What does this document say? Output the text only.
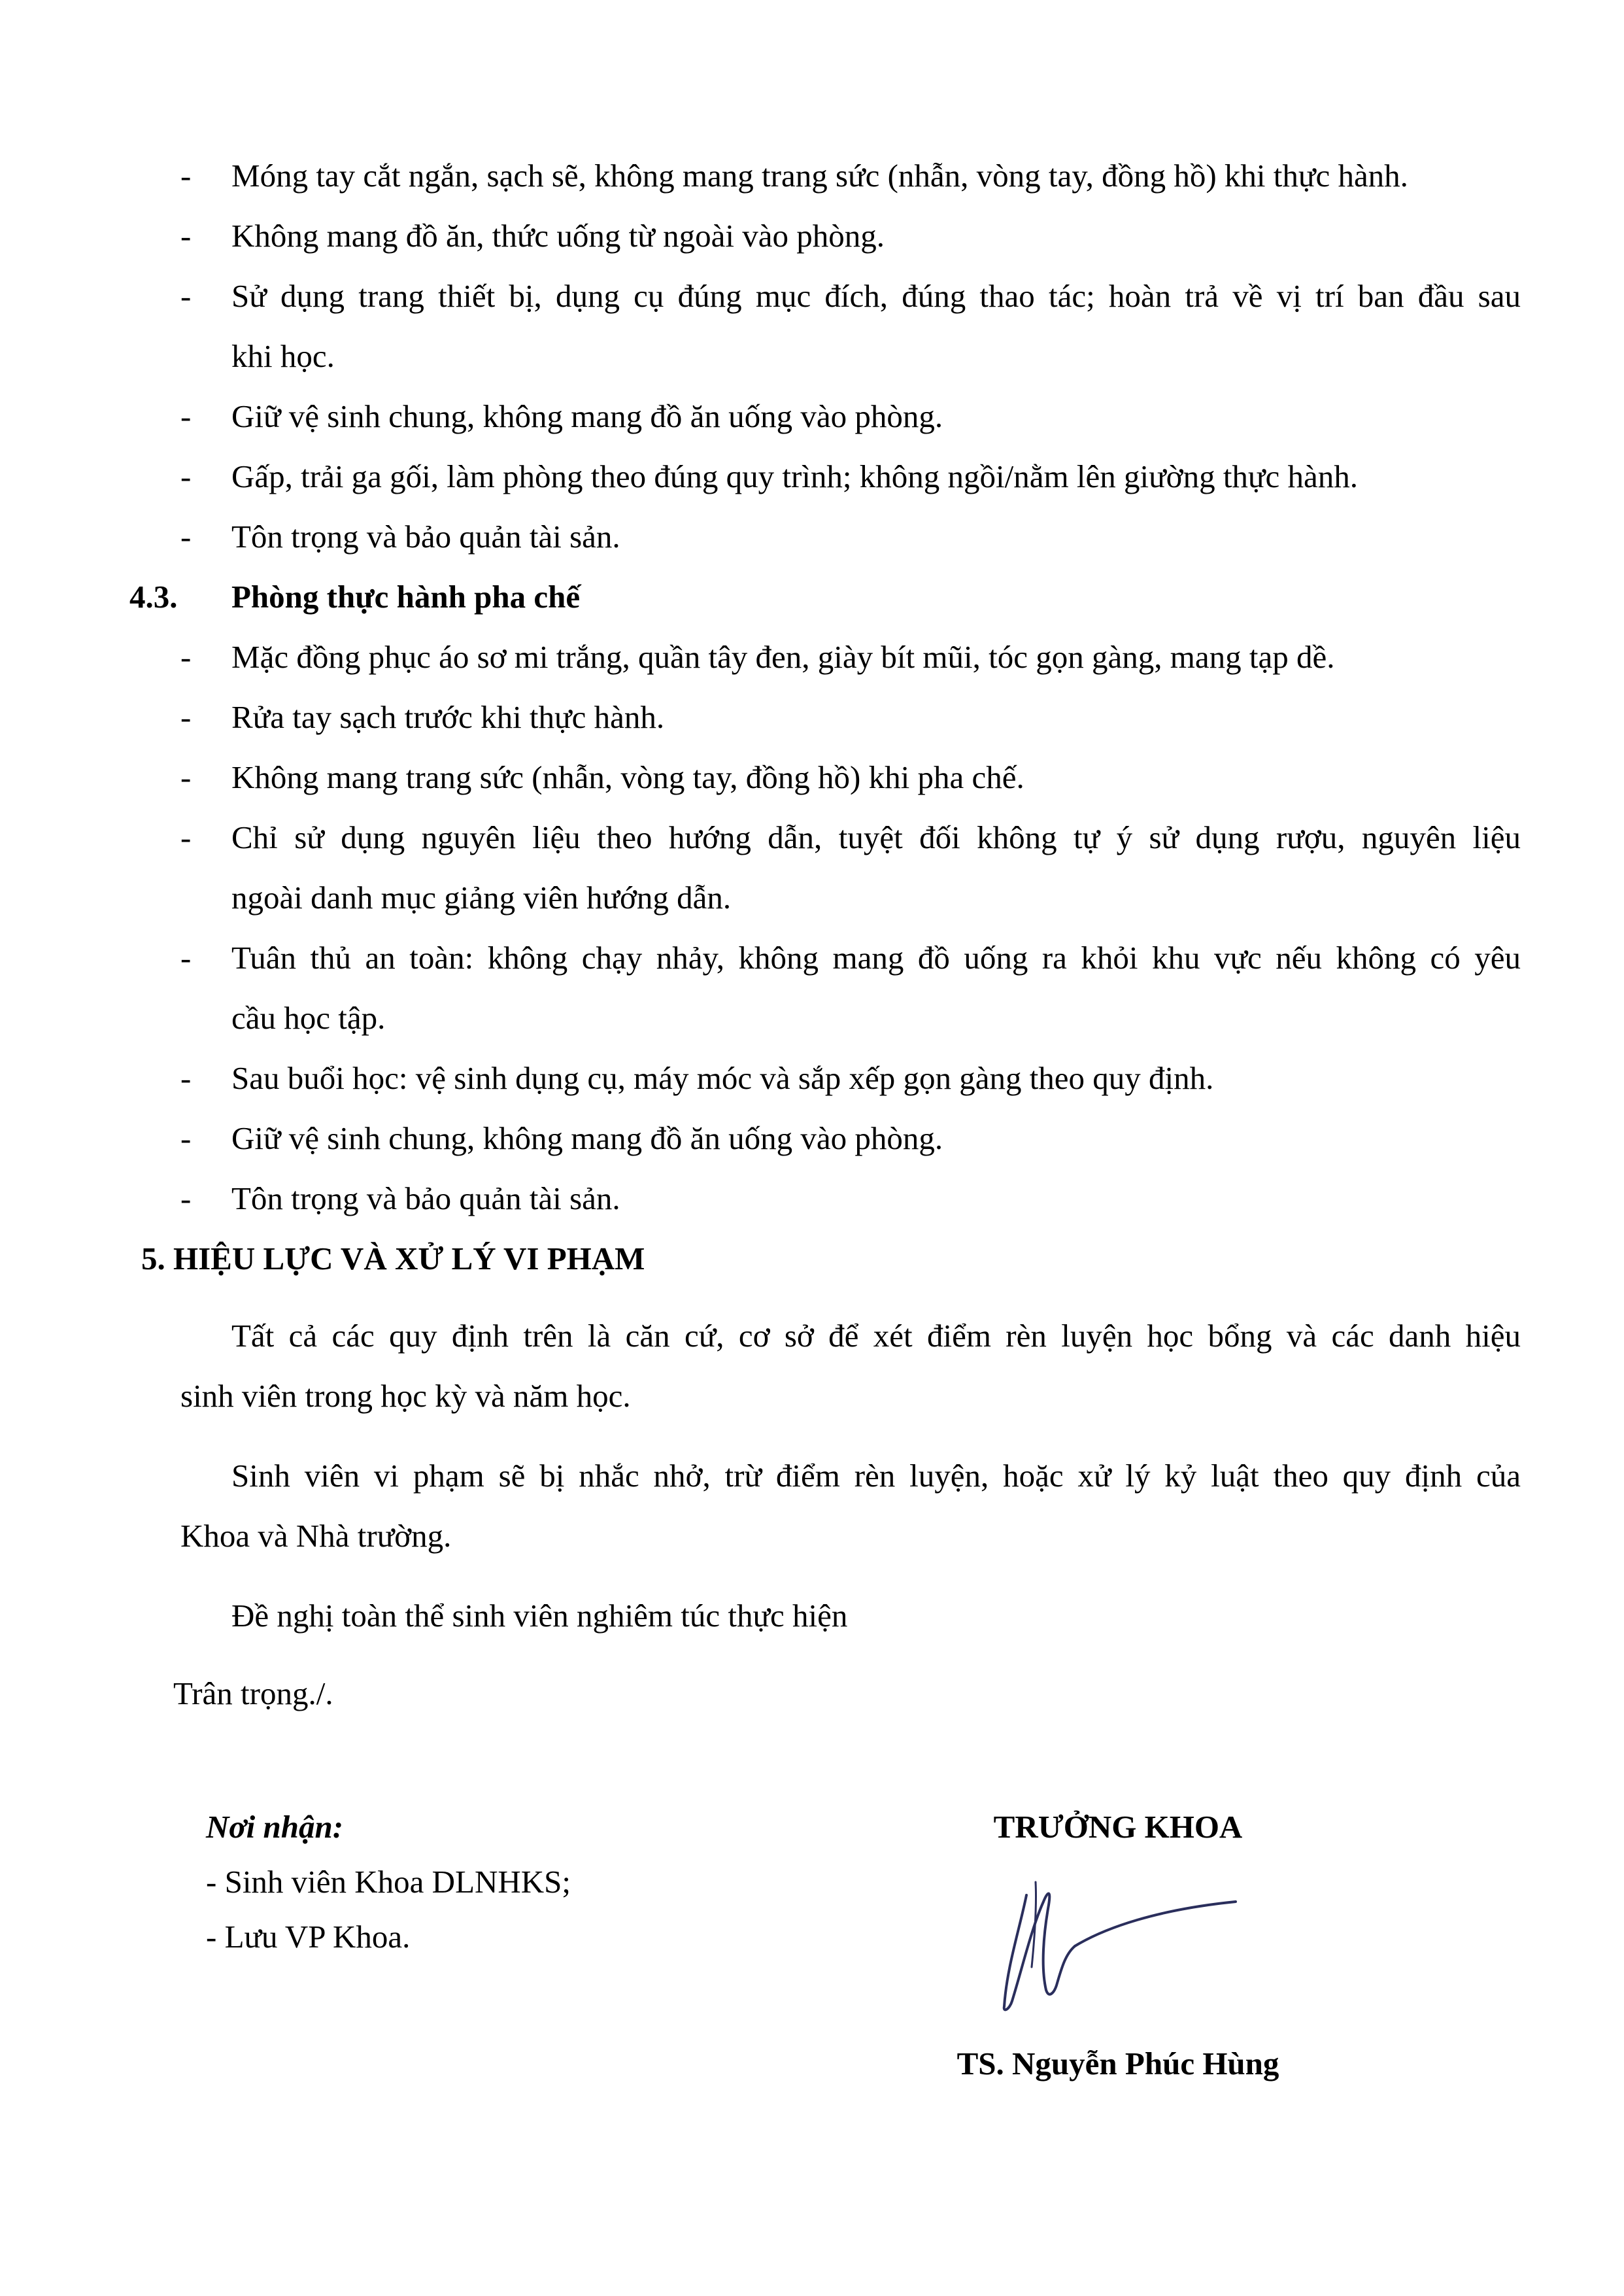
- Móng tay cắt ngắn, sạch sẽ, không mang trang sức (nhẫn, vòng tay, đồng hồ) khi thực hành.
- Không mang đồ ăn, thức uống từ ngoài vào phòng.
- Sử dụng trang thiết bị, dụng cụ đúng mục đích, đúng thao tác; hoàn trả về vị trí ban đầu sau
khi học.
- Giữ vệ sinh chung, không mang đồ ăn uống vào phòng.
- Gấp, trải ga gối, làm phòng theo đúng quy trình; không ngồi/nằm lên giường thực hành.
- Tôn trọng và bảo quản tài sản.
4.3. Phòng thực hành pha chế
- Mặc đồng phục áo sơ mi trắng, quần tây đen, giày bít mũi, tóc gọn gàng, mang tạp dề.
- Rửa tay sạch trước khi thực hành.
- Không mang trang sức (nhẫn, vòng tay, đồng hồ) khi pha chế.
- Chỉ sử dụng nguyên liệu theo hướng dẫn, tuyệt đối không tự ý sử dụng rượu, nguyên liệu
ngoài danh mục giảng viên hướng dẫn.
- Tuân thủ an toàn: không chạy nhảy, không mang đồ uống ra khỏi khu vực nếu không có yêu
cầu học tập.
- Sau buổi học: vệ sinh dụng cụ, máy móc và sắp xếp gọn gàng theo quy định.
- Giữ vệ sinh chung, không mang đồ ăn uống vào phòng.
- Tôn trọng và bảo quản tài sản.
5. HIỆU LỰC VÀ XỬ LÝ VI PHẠM
Tất cả các quy định trên là căn cứ, cơ sở để xét điểm rèn luyện học bổng và các danh hiệu
sinh viên trong học kỳ và năm học.
Sinh viên vi phạm sẽ bị nhắc nhở, trừ điểm rèn luyện, hoặc xử lý kỷ luật theo quy định của
Khoa và Nhà trường.
Đề nghị toàn thể sinh viên nghiêm túc thực hiện
Trân trọng./.
Nơi nhận:
- Sinh viên Khoa DLNHKS;
- Lưu VP Khoa.
TRƯỞNG KHOA
TS. Nguyễn Phúc Hùng
